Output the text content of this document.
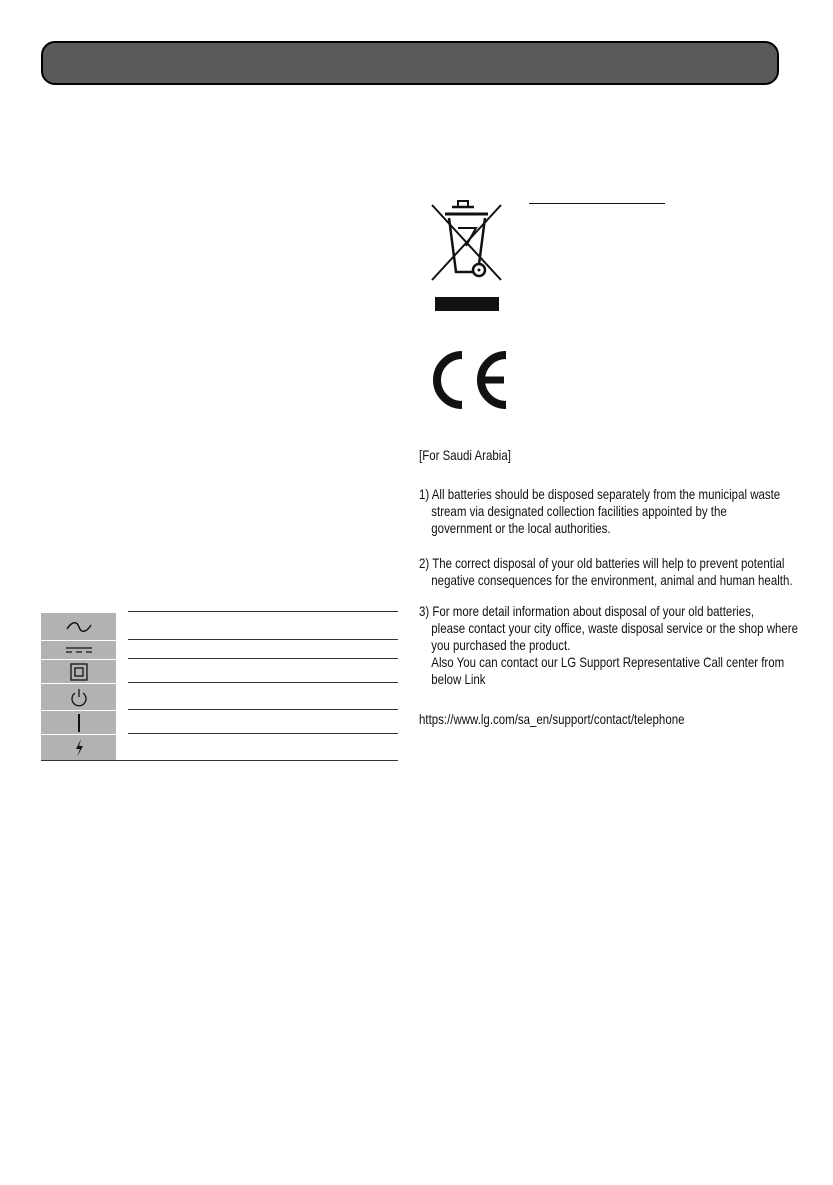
[For Saudi Arabia]
1) All batteries should be disposed separately from the municipal waste
stream via designated collection facilities appointed by the
government or the local authorities.
2) The correct disposal of your old batteries will help to prevent potential
negative consequences for the environment, animal and human health.
3) For more detail information about disposal of your old batteries,
please contact your city office, waste disposal service or the shop where
you purchased the product.
Also You can contact our LG Support Representative Call center from
below Link
https://www.lg.com/sa_en/support/contact/telephone
